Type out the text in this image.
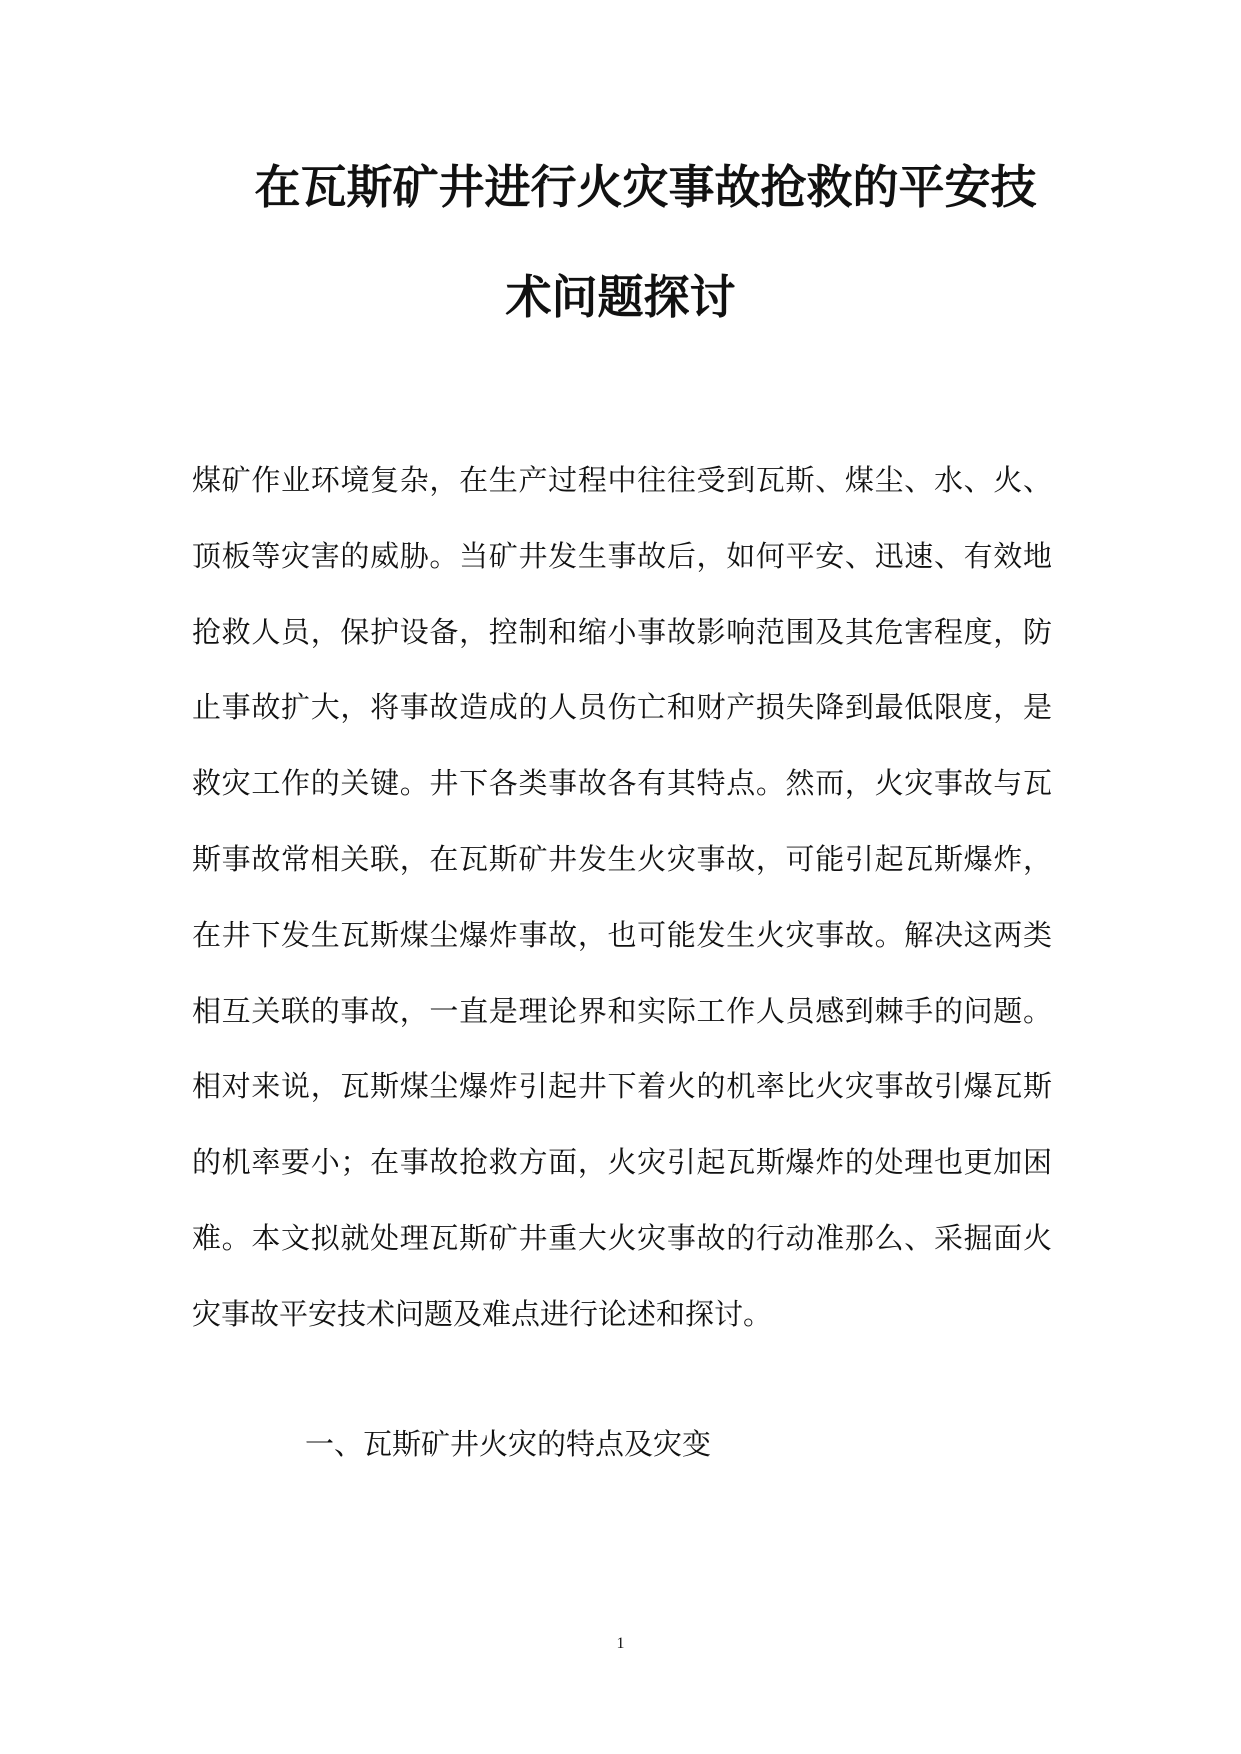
在瓦斯矿井进行火灾事故抢救的平安技
术问题探讨
煤矿作业环境复杂，在生产过程中往往受到瓦斯、煤尘、水、火、
顶板等灾害的威胁。当矿井发生事故后，如何平安、迅速、有效地
抢救人员，保护设备，控制和缩小事故影响范围及其危害程度，防
止事故扩大，将事故造成的人员伤亡和财产损失降到最低限度，是
救灾工作的关键。井下各类事故各有其特点。然而，火灾事故与瓦
斯事故常相关联，在瓦斯矿井发生火灾事故，可能引起瓦斯爆炸，
在井下发生瓦斯煤尘爆炸事故，也可能发生火灾事故。解决这两类
相互关联的事故，一直是理论界和实际工作人员感到棘手的问题。
相对来说，瓦斯煤尘爆炸引起井下着火的机率比火灾事故引爆瓦斯
的机率要小；在事故抢救方面，火灾引起瓦斯爆炸的处理也更加困
难。本文拟就处理瓦斯矿井重大火灾事故的行动准那么、采掘面火
灾事故平安技术问题及难点进行论述和探讨。
一、瓦斯矿井火灾的特点及灾变
1
